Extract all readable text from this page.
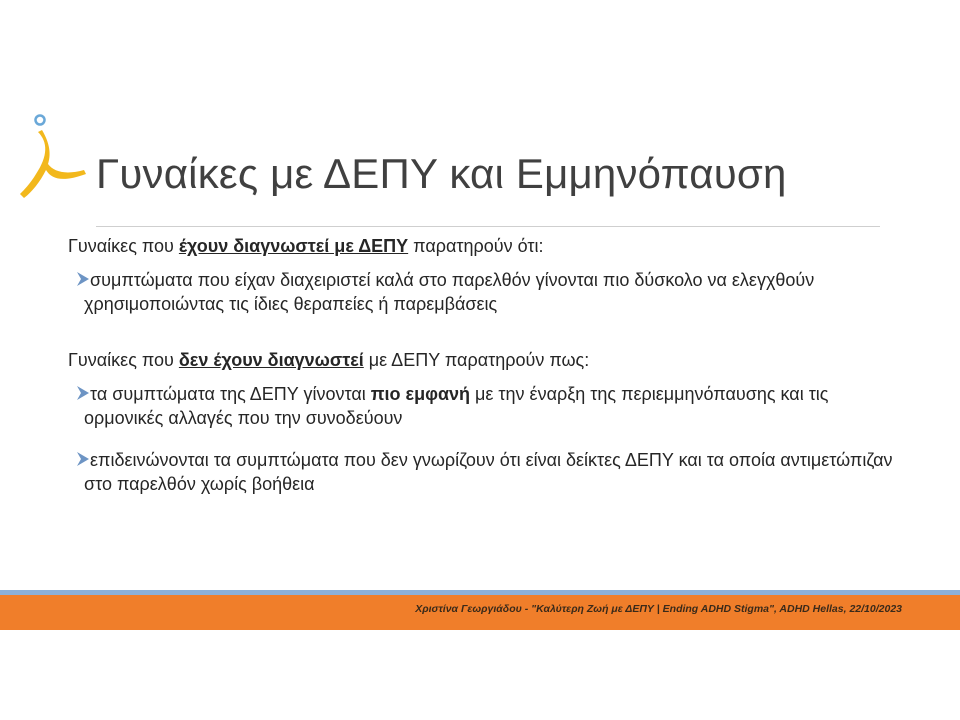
Γυναίκες με ΔΕΠΥ και Εμμηνόπαυση

Γυναίκες που έχουν διαγνωστεί με ΔΕΠΥ παρατηρούν ότι:

συμπτώματα που είχαν διαχειριστεί καλά στο παρελθόν γίνονται πιο δύσκολο να ελεγχθούν χρησιμοποιώντας τις ίδιες θεραπείες ή παρεμβάσεις

Γυναίκες που δεν έχουν διαγνωστεί με ΔΕΠΥ παρατηρούν πως:

τα συμπτώματα της ΔΕΠΥ γίνονται πιο εμφανή με την έναρξη της περιεμμηνόπαυσης και τις ορμονικές αλλαγές που την συνοδεύουν

επιδεινώνονται τα συμπτώματα που δεν γνωρίζουν ότι είναι δείκτες ΔΕΠΥ και τα οποία αντιμετώπιζαν στο παρελθόν χωρίς βοήθεια

Χριστίνα Γεωργιάδου - "Καλύτερη Ζωή με ΔΕΠΥ | Ending ADHD Stigma", ADHD Hellas, 22/10/2023
